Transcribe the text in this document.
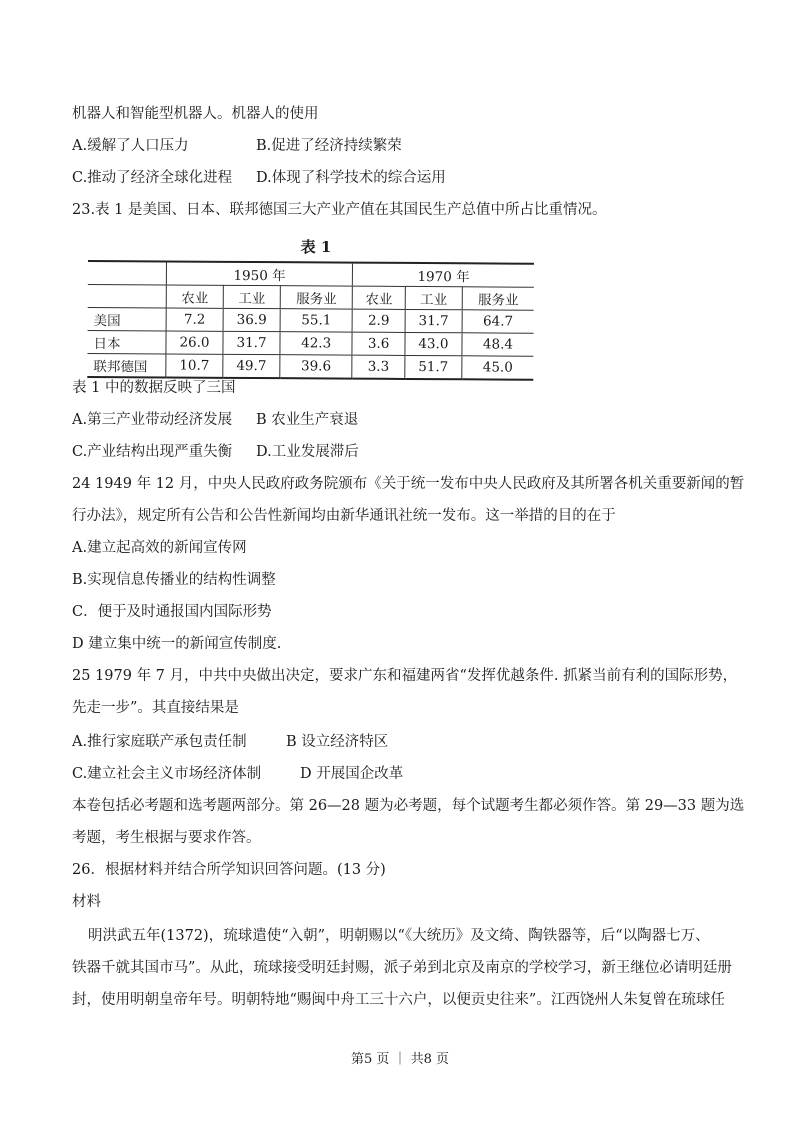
机器人和智能型机器人。机器人的使用
A.缓解了人口压力	B.促进了经济持续繁荣
C.推动了经济全球化进程 D.体现了科学技术的综合运用
23.表 1 是美国、日本、联邦德国三大产业产值在其国民生产总值中所占比重情况。
表 1
	1950 年			1970 年		
	农业	工业	服务业	农业	工业	服务业
美国	7.2	36.9	55.1	2.9	31.7	64.7
日本	26.0	31.7	42.3	3.6	43.0	48.4
联邦德国	10.7	49.7	39.6	3.3	51.7	45.0
表 1 中的数据反映了三国
A.第三产业带动经济发展 B 农业生产衰退
C.产业结构出现严重失衡 D.工业发展滞后
24 1949 年 12 月，中央人民政府政务院颁布《关于统一发布中央人民政府及其所署各机关重要新闻的暂
行办法》，规定所有公告和公告性新闻均由新华通讯社统一发布。这一举措的目的在于
A.建立起高效的新闻宣传网
B.实现信息传播业的结构性调整
C．便于及时通报国内国际形势
D 建立集中统一的新闻宣传制度.
25 1979 年 7 月，中共中央做出决定，要求广东和福建两省“发挥优越条件. 抓紧当前有利的国际形势，
先走一步”。其直接结果是
A.推行家庭联产承包责任制	B 设立经济特区
C.建立社会主义市场经济体制	D 开展国企改革
本卷包括必考题和选考题两部分。第 26—28 题为必考题，每个试题考生都必须作答。第 29—33 题为选
考题，考生根据与要求作答。
26．根据材料并结合所学知识回答问题。(13 分)
材料
明洪武五年(1372)，琉球遣使“入朝”，明朝赐以“《大统历》及文绮、陶铁器等，后“以陶器七万、
铁器千就其国市马”。从此，琉球接受明廷封赐，派子弟到北京及南京的学校学习，新王继位必请明廷册
封，使用明朝皇帝年号。明朝特地“赐闽中舟工三十六户，以便贡史往来”。江西饶州人朱复曾在琉球任
第5 页 ｜ 共8 页
